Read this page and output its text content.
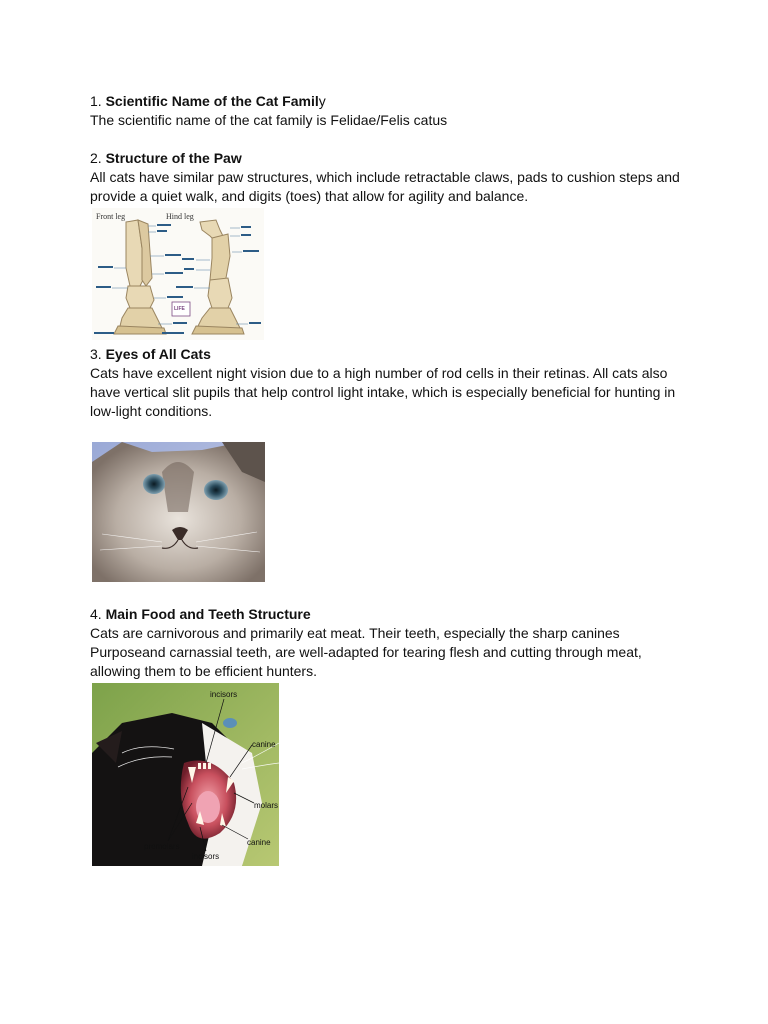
1. Scientific Name of the Cat Family

The scientific name of the cat family is Felidae/Felis catus

2. Structure of the Paw

All cats have similar paw structures, which include retractable claws, pads to cushion steps and

provide a quiet walk, and digits (toes) that allow for agility and balance.

Front leg	Hind leg
LIFE

3. Eyes of All Cats

Cats have excellent night vision due to a high number of rod cells in their retinas. All cats also

have vertical slit pupils that help control light intake, which is especially beneficial for hunting in

low-light conditions.

4. Main Food and Teeth Structure

Cats are carnivorous and primarily eat meat. Their teeth, especially the sharp canines

Purposeand carnassial teeth, are well-adapted for tearing flesh and cutting through meat,

allowing them to be efficient hunters.

incisors
canine
molars
canine
premolars
incisors
